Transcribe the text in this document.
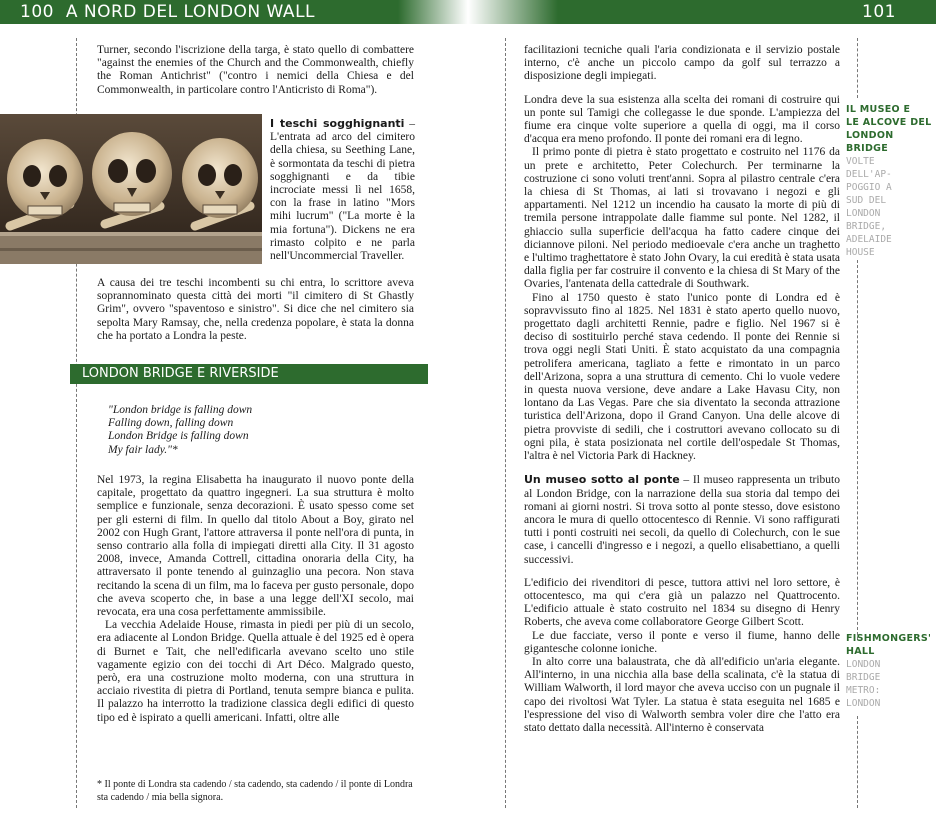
100 A NORD DEL LONDON WALL	101

Turner, secondo l'iscrizione della targa, è stato quello di combattere "against the enemies of the Church and the Commonwealth, chiefly the Roman Antichrist" ("contro i nemici della Chiesa e del Commonwealth, in particolare contro l'Anticristo di Roma").

I teschi sogghignanti – L'entrata ad arco del cimitero della chiesa, su Seething Lane, è sormontata da teschi di pietra sogghignanti e da tibie incrociate messi lì nel 1658, con la frase in latino "Mors mihi lucrum" ("La morte è la mia fortuna"). Dickens ne era rimasto colpito e ne parla nell'Uncommercial Traveller.

A causa dei tre teschi incombenti su chi entra, lo scrittore aveva soprannominato questa città dei morti "il cimitero di St Ghastly Grim", ovvero "spaventoso e sinistro". Si dice che nel cimitero sia sepolta Mary Ramsay, che, nella credenza popolare, è stata la donna che ha portato a Londra la peste.

LONDON BRIDGE E RIVERSIDE
"London bridge is falling down
Falling down, falling down
London Bridge is falling down
My fair lady."*

Nel 1973, la regina Elisabetta ha inaugurato il nuovo ponte della capitale, progettato da quattro ingegneri. La sua struttura è molto semplice e funzionale, senza decorazioni. È usato spesso come set per gli esterni di film. In quello dal titolo About a Boy, girato nel 2002 con Hugh Grant, l'attore attraversa il ponte nell'ora di punta, in senso contrario alla folla di impiegati diretti alla City. Il 31 agosto 2008, invece, Amanda Cottrell, cittadina onoraria della City, ha attraversato il ponte tenendo al guinzaglio una pecora. Non stava recitando la scena di un film, ma lo faceva per gusto personale, dopo che aveva scoperto che, in base a una legge dell'XI secolo, mai revocata, era una cosa perfettamente ammissibile.

La vecchia Adelaide House, rimasta in piedi per più di un secolo, era adiacente al London Bridge. Quella attuale è del 1925 ed è opera di Burnet e Tait, che nell'edificarla avevano scelto uno stile vagamente egizio con dei tocchi di Art Déco. Malgrado questo, però, era una costruzione molto moderna, con una struttura in acciaio rivestita di pietra di Portland, tenuta sempre bianca e pulita. Il palazzo ha interrotto la tradizione classica degli edifici di questo tipo ed è ispirato a quelli americani. Infatti, oltre alle

* Il ponte di Londra sta cadendo / sta cadendo, sta cadendo / il ponte di Londra sta cadendo / mia bella signora.

facilitazioni tecniche quali l'aria condizionata e il servizio postale interno, c'è anche un piccolo campo da golf sul terrazzo a disposizione degli impiegati.

Londra deve la sua esistenza alla scelta dei romani di costruire qui un ponte sul Tamigi che collegasse le due sponde. L'ampiezza del fiume era cinque volte superiore a quella di oggi, ma il corso d'acqua era meno profondo. Il ponte dei romani era di legno.

Il primo ponte di pietra è stato progettato e costruito nel 1176 da un prete e architetto, Peter Colechurch. Per terminarne la costruzione ci sono voluti trent'anni. Sopra al pilastro centrale c'era la chiesa di St Thomas, ai lati si trovavano i negozi e gli appartamenti. Nel 1212 un incendio ha causato la morte di più di tremila persone intrappolate dalle fiamme sul ponte. Nel 1282, il ghiaccio sulla superficie dell'acqua ha fatto cadere cinque dei diciannove piloni. Nel periodo medioevale c'era anche un traghetto e l'ultimo traghettatore è stato John Ovary, la cui eredità è stata usata dalla figlia per far costruire il convento e la chiesa di St Mary of the Ovaries, l'antenata della cattedrale di Southwark.

Fino al 1750 questo è stato l'unico ponte di Londra ed è sopravvissuto fino al 1825. Nel 1831 è stato aperto quello nuovo, progettato dagli architetti Rennie, padre e figlio. Nel 1967 si è deciso di sostituirlo perché stava cedendo. Il ponte dei Rennie si trova oggi negli Stati Uniti. È stato acquistato da una compagnia petrolifera americana, tagliato a fette e rimontato in un parco dell'Arizona, sopra a una struttura di cemento. Chi lo vuole vedere in questa nuova versione, deve andare a Lake Havasu City, non lontano da Las Vegas. Pare che sia diventato la seconda attrazione turistica dell'Arizona, dopo il Grand Canyon. Una delle alcove di pietra provviste di sedili, che i costruttori avevano collocato su di ogni pila, è stata posizionata nel cortile dell'ospedale St Thomas, l'altra è nel Victoria Park di Hackney.

Un museo sotto al ponte – Il museo rappresenta un tributo al London Bridge, con la narrazione della sua storia dal tempo dei romani ai giorni nostri. Si trova sotto al ponte stesso, dove esistono ancora le mura di quello ottocentesco di Rennie. Vi sono raffigurati tutti i ponti costruiti nei secoli, da quello di Colechurch, con le sue case, i cancelli d'ingresso e i negozi, a quello elisabettiano, a quelli successivi.

L'edificio dei rivenditori di pesce, tuttora attivi nel loro settore, è ottocentesco, ma qui c'era già un palazzo nel Quattrocento. L'edificio attuale è stato costruito nel 1834 su disegno di Henry Roberts, che aveva come collaboratore George Gilbert Scott.

Le due facciate, verso il ponte e verso il fiume, hanno delle gigantesche colonne ioniche.

In alto corre una balaustrata, che dà all'edificio un'aria elegante. All'interno, in una nicchia alla base della scalinata, c'è la statua di William Walworth, il lord mayor che aveva ucciso con un pugnale il capo dei rivoltosi Wat Tyler. La statua è stata eseguita nel 1685 e l'espressione del viso di Walworth sembra voler dire che l'atto era stato dettato dalla necessità. All'interno è conservata

IL MUSEO E
LE ALCOVE DEL
LONDON BRIDGE
VOLTE
DELL'AP-
POGGIO A
SUD DEL
LONDON
BRIDGE,
ADELAIDE
HOUSE
FISHMONGERS'
HALL
LONDON
BRIDGE
METRO:
LONDON
